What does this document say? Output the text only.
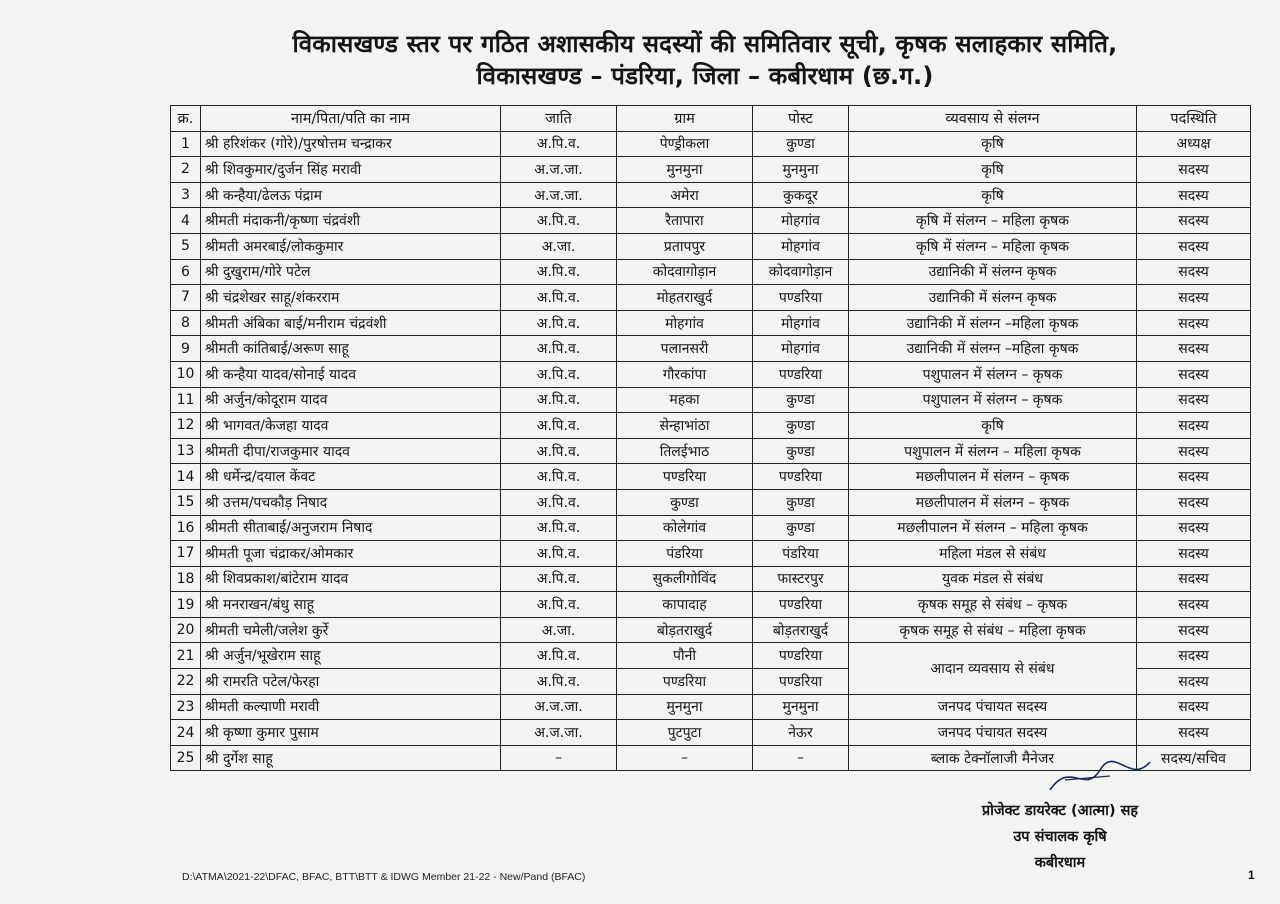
विकासखण्ड स्तर पर गठित अशासकीय सदस्यों की समितिवार सूची, कृषक सलाहकार समिति,
विकासखण्ड – पंडरिया, जिला – कबीरधाम (छ.ग.)
क्र.	नाम/पिता/पति का नाम	जाति	ग्राम	पोस्ट	व्यवसाय से संलग्न	पदस्थिति
1	श्री हरिशंकर (गोरे)/पुरषोत्तम चन्द्राकर	अ.पि.व.	पेण्ड्रीकला	कुण्डा	कृषि	अध्यक्ष
2	श्री शिवकुमार/दुर्जन सिंह मरावी	अ.ज.जा.	मुनमुना	मुनमुना	कृषि	सदस्य
3	श्री कन्हैया/ढेलऊ पंद्राम	अ.ज.जा.	अमेरा	कुकदूर	कृषि	सदस्य
4	श्रीमती मंदाकनी/कृष्णा चंद्रवंशी	अ.पि.व.	रैतापारा	मोहगांव	कृषि में संलग्न – महिला कृषक	सदस्य
5	श्रीमती अमरबाई/लोककुमार	अ.जा.	प्रतापपुर	मोहगांव	कृषि में संलग्न – महिला कृषक	सदस्य
6	श्री दुखुराम/गोरे पटेल	अ.पि.व.	कोदवागोड़ान	कोदवागोड़ान	उद्यानिकी में संलग्न कृषक	सदस्य
7	श्री चंद्रशेखर साहू/शंकरराम	अ.पि.व.	मोहतराखुर्द	पण्डरिया	उद्यानिकी में संलग्न कृषक	सदस्य
8	श्रीमती अंबिका बाई/मनीराम चंद्रवंशी	अ.पि.व.	मोहगांव	मोहगांव	उद्यानिकी में संलग्न –महिला कृषक	सदस्य
9	श्रीमती कांतिबाई/अरूण साहू	अ.पि.व.	पलानसरी	मोहगांव	उद्यानिकी में संलग्न –महिला कृषक	सदस्य
10	श्री कन्हैया यादव/सोनाई यादव	अ.पि.व.	गौरकांपा	पण्डरिया	पशुपालन में संलग्न – कृषक	सदस्य
11	श्री अर्जुन/कोदूराम यादव	अ.पि.व.	महका	कुण्डा	पशुपालन में संलग्न – कृषक	सदस्य
12	श्री भागवत/केजहा यादव	अ.पि.व.	सेन्हाभांठा	कुण्डा	कृषि	सदस्य
13	श्रीमती दीपा/राजकुमार यादव	अ.पि.व.	तिलईभाठ	कुण्डा	पशुपालन में संलग्न – महिला कृषक	सदस्य
14	श्री धर्मेन्द्र/दयाल केंवट	अ.पि.व.	पण्डरिया	पण्डरिया	मछलीपालन में संलग्न – कृषक	सदस्य
15	श्री उत्तम/पचकौड़ निषाद	अ.पि.व.	कुण्डा	कुण्डा	मछलीपालन में संलग्न – कृषक	सदस्य
16	श्रीमती सीताबाई/अनुजराम निषाद	अ.पि.व.	कोलेगांव	कुण्डा	मछलीपालन में संलग्न – महिला कृषक	सदस्य
17	श्रीमती पूजा चंद्राकर/ओमकार	अ.पि.व.	पंडरिया	पंडरिया	महिला मंडल से संबंध	सदस्य
18	श्री शिवप्रकाश/बांटेराम यादव	अ.पि.व.	सुकलीगोविंद	फास्टरपुर	युवक मंडल से संबंध	सदस्य
19	श्री मनराखन/बंधु साहू	अ.पि.व.	कापादाह	पण्डरिया	कृषक समूह से संबंध – कृषक	सदस्य
20	श्रीमती चमेली/जलेश कुर्रे	अ.जा.	बोड़तराखुर्द	बोड़तराखुर्द	कृषक समूह से संबंध – महिला कृषक	सदस्य
21	श्री अर्जुन/भूखेराम साहू	अ.पि.व.	पौनी	पण्डरिया	आदान व्यवसाय से संबंध	सदस्य
22	श्री रामरति पटेल/फेरहा	अ.पि.व.	पण्डरिया	पण्डरिया		सदस्य
23	श्रीमती कल्याणी मरावी	अ.ज.जा.	मुनमुना	मुनमुना	जनपद पंचायत सदस्य	सदस्य
24	श्री कृष्णा कुमार पुसाम	अ.ज.जा.	पुटपुटा	नेऊर	जनपद पंचायत सदस्य	सदस्य
25	श्री दुर्गेश साहू	–	–	–	ब्लाक टेक्नॉलाजी मैनेजर	सदस्य/सचिव
प्रोजेक्ट डायरेक्ट (आत्मा) सह
उप संचालक कृषि
कबीरधाम
D:\ATMA\2021-22\DFAC, BFAC, BTT\BTT & IDWG Member 21-22 - New/Pand (BFAC)	1
